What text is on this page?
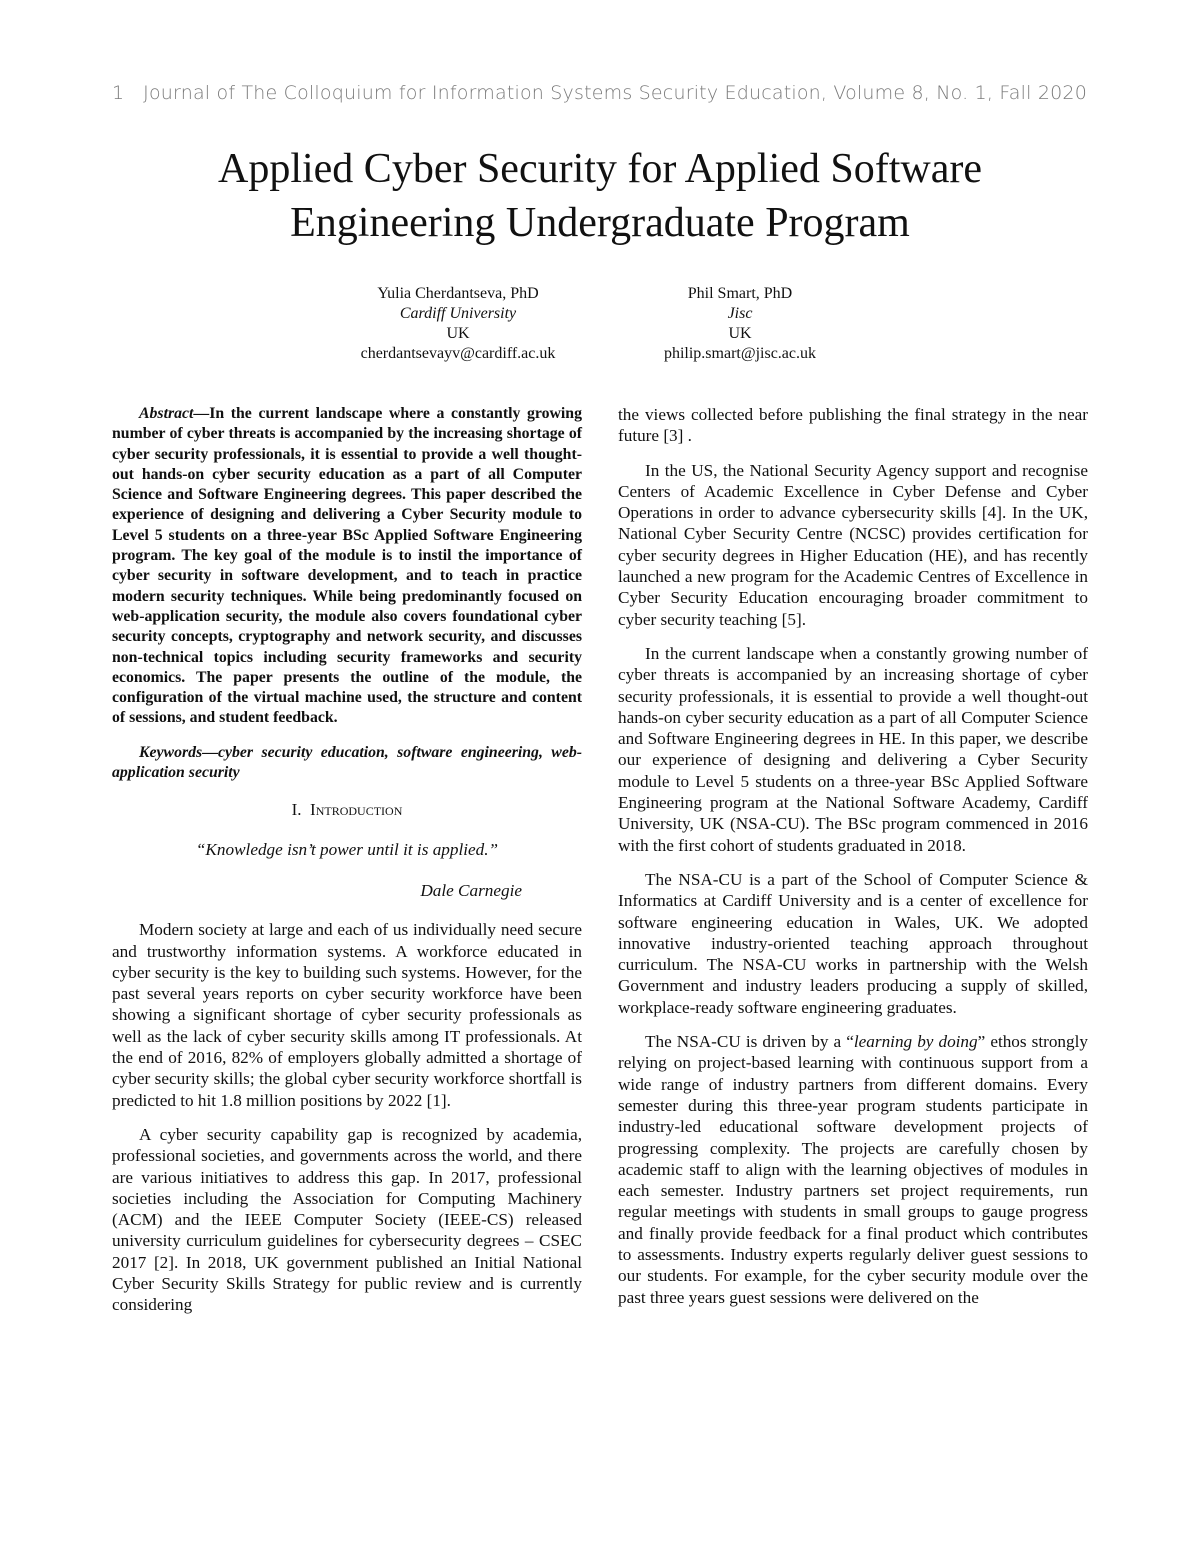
1 Journal of The Colloquium for Information Systems Security Education, Volume 8, No. 1, Fall 2020
Applied Cyber Security for Applied Software
Engineering Undergraduate Program
Yulia Cherdantseva, PhD
Cardiff University
UK
cherdantsevayv@cardiff.ac.uk
Phil Smart, PhD
Jisc
UK
philip.smart@jisc.ac.uk

Abstract—In the current landscape where a constantly growing number of cyber threats is accompanied by the increasing shortage of cyber security professionals, it is essential to provide a well thought-out hands-on cyber security education as a part of all Computer Science and Software Engineering degrees. This paper described the experience of designing and delivering a Cyber Security module to Level 5 students on a three-year BSc Applied Software Engineering program. The key goal of the module is to instil the importance of cyber security in software development, and to teach in practice modern security techniques. While being predominantly focused on web-application security, the module also covers foundational cyber security concepts, cryptography and network security, and discusses non-technical topics including security frameworks and security economics. The paper presents the outline of the module, the configuration of the virtual machine used, the structure and content of sessions, and student feedback.

Keywords—cyber security education, software engineering, web-application security

I. Introduction

“Knowledge isn’t power until it is applied.”

Dale Carnegie

Modern society at large and each of us individually need secure and trustworthy information systems. A workforce educated in cyber security is the key to building such systems. However, for the past several years reports on cyber security workforce have been showing a significant shortage of cyber security professionals as well as the lack of cyber security skills among IT professionals. At the end of 2016, 82% of employers globally admitted a shortage of cyber security skills; the global cyber security workforce shortfall is predicted to hit 1.8 million positions by 2022 [1].

A cyber security capability gap is recognized by academia, professional societies, and governments across the world, and there are various initiatives to address this gap. In 2017, professional societies including the Association for Computing Machinery (ACM) and the IEEE Computer Society (IEEE-CS) released university curriculum guidelines for cybersecurity degrees – CSEC 2017 [2]. In 2018, UK government published an Initial National Cyber Security Skills Strategy for public review and is currently considering

the views collected before publishing the final strategy in the near future [3] .

In the US, the National Security Agency support and recognise Centers of Academic Excellence in Cyber Defense and Cyber Operations in order to advance cybersecurity skills [4]. In the UK, National Cyber Security Centre (NCSC) provides certification for cyber security degrees in Higher Education (HE), and has recently launched a new program for the Academic Centres of Excellence in Cyber Security Education encouraging broader commitment to cyber security teaching [5].

In the current landscape when a constantly growing number of cyber threats is accompanied by an increasing shortage of cyber security professionals, it is essential to provide a well thought-out hands-on cyber security education as a part of all Computer Science and Software Engineering degrees in HE. In this paper, we describe our experience of designing and delivering a Cyber Security module to Level 5 students on a three-year BSc Applied Software Engineering program at the National Software Academy, Cardiff University, UK (NSA-CU). The BSc program commenced in 2016 with the first cohort of students graduated in 2018.

The NSA-CU is a part of the School of Computer Science & Informatics at Cardiff University and is a center of excellence for software engineering education in Wales, UK. We adopted innovative industry-oriented teaching approach throughout curriculum. The NSA-CU works in partnership with the Welsh Government and industry leaders producing a supply of skilled, workplace-ready software engineering graduates.

The NSA-CU is driven by a “learning by doing” ethos strongly relying on project-based learning with continuous support from a wide range of industry partners from different domains. Every semester during this three-year program students participate in industry-led educational software development projects of progressing complexity. The projects are carefully chosen by academic staff to align with the learning objectives of modules in each semester. Industry partners set project requirements, run regular meetings with students in small groups to gauge progress and finally provide feedback for a final product which contributes to assessments. Industry experts regularly deliver guest sessions to our students. For example, for the cyber security module over the past three years guest sessions were delivered on the
